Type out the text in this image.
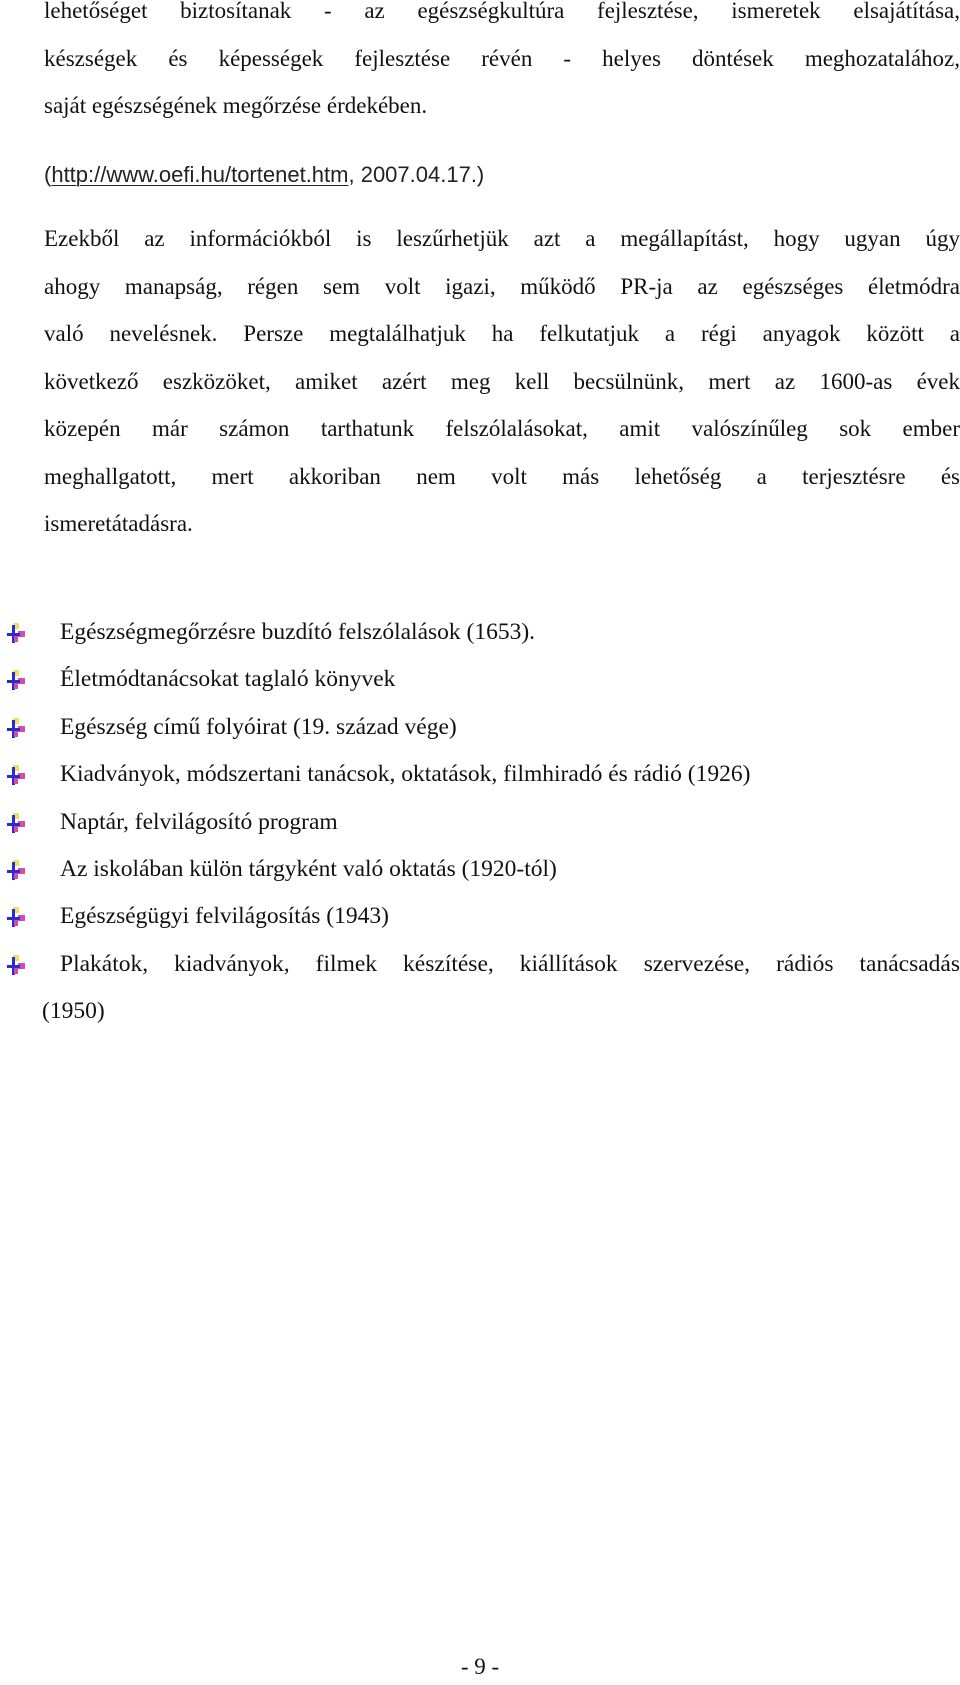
lehetőséget biztosítanak - az egészségkultúra fejlesztése, ismeretek elsajátítása,
készségek és képességek fejlesztése révén - helyes döntések meghozatalához,
saját egészségének megőrzése érdekében.

(http://www.oefi.hu/tortenet.htm, 2007.04.17.)

Ezekből az információkból is leszűrhetjük azt a megállapítást, hogy ugyan úgy
ahogy manapság, régen sem volt igazi, működő PR-ja az egészséges életmódra
való nevelésnek. Persze megtalálhatjuk ha felkutatjuk a régi anyagok között a
következő eszközöket, amiket azért meg kell becsülnünk, mert az 1600-as évek
közepén már számon tarthatunk felszólalásokat, amit valószínűleg sok ember
meghallgatott, mert akkoriban nem volt más lehetőség a terjesztésre és
ismeretátadásra.
Egészségmegőrzésre buzdító felszólalások (1653).
Életmódtanácsokat taglaló könyvek
Egészség című folyóirat (19. század vége)
Kiadványok, módszertani tanácsok, oktatások, filmhiradó és rádió (1926)
Naptár, felvilágosító program
Az iskolában külön tárgyként való oktatás (1920-tól)
Egészségügyi felvilágosítás (1943)
Plakátok, kiadványok, filmek készítése, kiállítások szervezése, rádiós tanácsadás
(1950)

- 9 -
